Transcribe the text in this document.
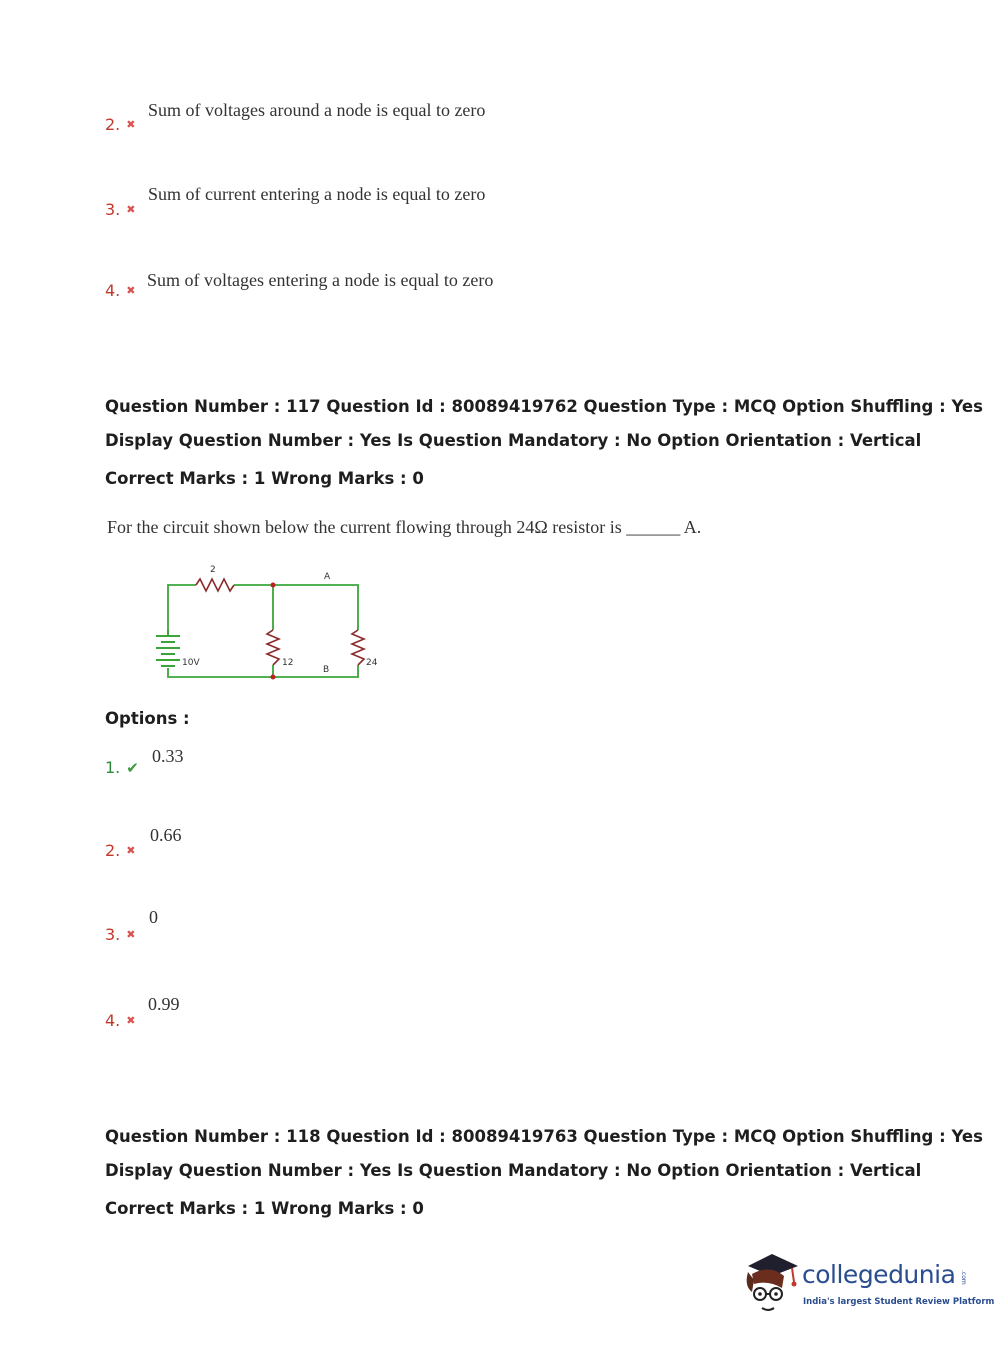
2. ✖
Sum of voltages around a node is equal to zero
3. ✖
Sum of current entering a node is equal to zero
4. ✖
Sum of voltages entering a node is equal to zero
Question Number : 117 Question Id : 80089419762 Question Type : MCQ Option Shuffling : Yes
Display Question Number : Yes Is Question Mandatory : No Option Orientation : Vertical
Correct Marks : 1 Wrong Marks : 0
For the circuit shown below the current flowing through 24Ω resistor is ______ A.
2
A
10V	12
B
24
Options :
1. ✔
0.33
2. ✖
0.66
3. ✖
0
4. ✖
0.99
Question Number : 118 Question Id : 80089419763 Question Type : MCQ Option Shuffling : Yes
Display Question Number : Yes Is Question Mandatory : No Option Orientation : Vertical
Correct Marks : 1 Wrong Marks : 0
collegedunia .com
India's largest Student Review Platform
